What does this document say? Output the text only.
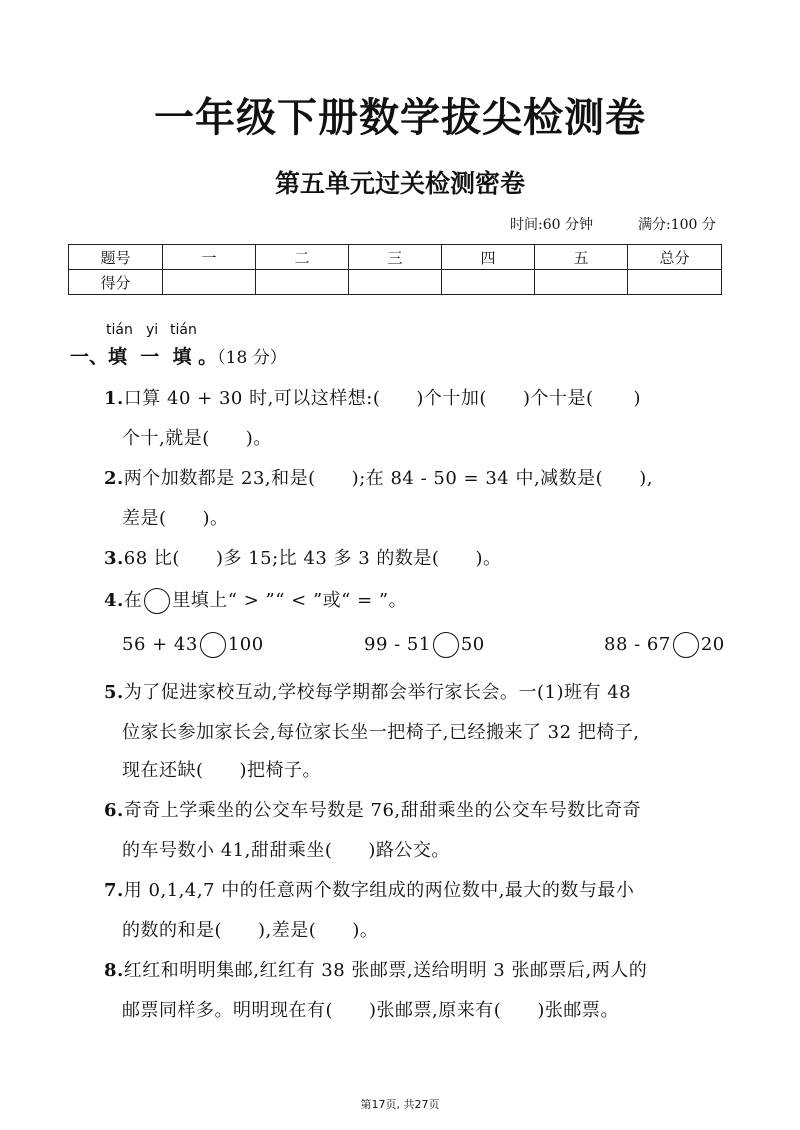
一年级下册数学拔尖检测卷
第五单元过关检测密卷
时间:60 分钟	满分:100 分
题号	一	二	三	四	五	总分
得分						
tián yi tián
一、填 一 填 。（18 分）
1.口算 40 + 30 时,可以这样想:( )个十加( )个十是( )
个十,就是( )。
2.两个加数都是 23,和是( );在 84 - 50 = 34 中,减数是( ),
差是( )。
3.68 比( )多 15;比 43 多 3 的数是( )。
4.在 里填上“ > ”“ < ”或“ = ”。
56 + 43 100	99 - 51 50	88 - 67 20
5.为了促进家校互动,学校每学期都会举行家长会。一(1)班有 48
位家长参加家长会,每位家长坐一把椅子,已经搬来了 32 把椅子,
现在还缺( )把椅子。
6.奇奇上学乘坐的公交车号数是 76,甜甜乘坐的公交车号数比奇奇
的车号数小 41,甜甜乘坐( )路公交。
7.用 0,1,4,7 中的任意两个数字组成的两位数中,最大的数与最小
的数的和是( ),差是( )。
8.红红和明明集邮,红红有 38 张邮票,送给明明 3 张邮票后,两人的
邮票同样多。明明现在有( )张邮票,原来有( )张邮票。
第17页, 共27页
